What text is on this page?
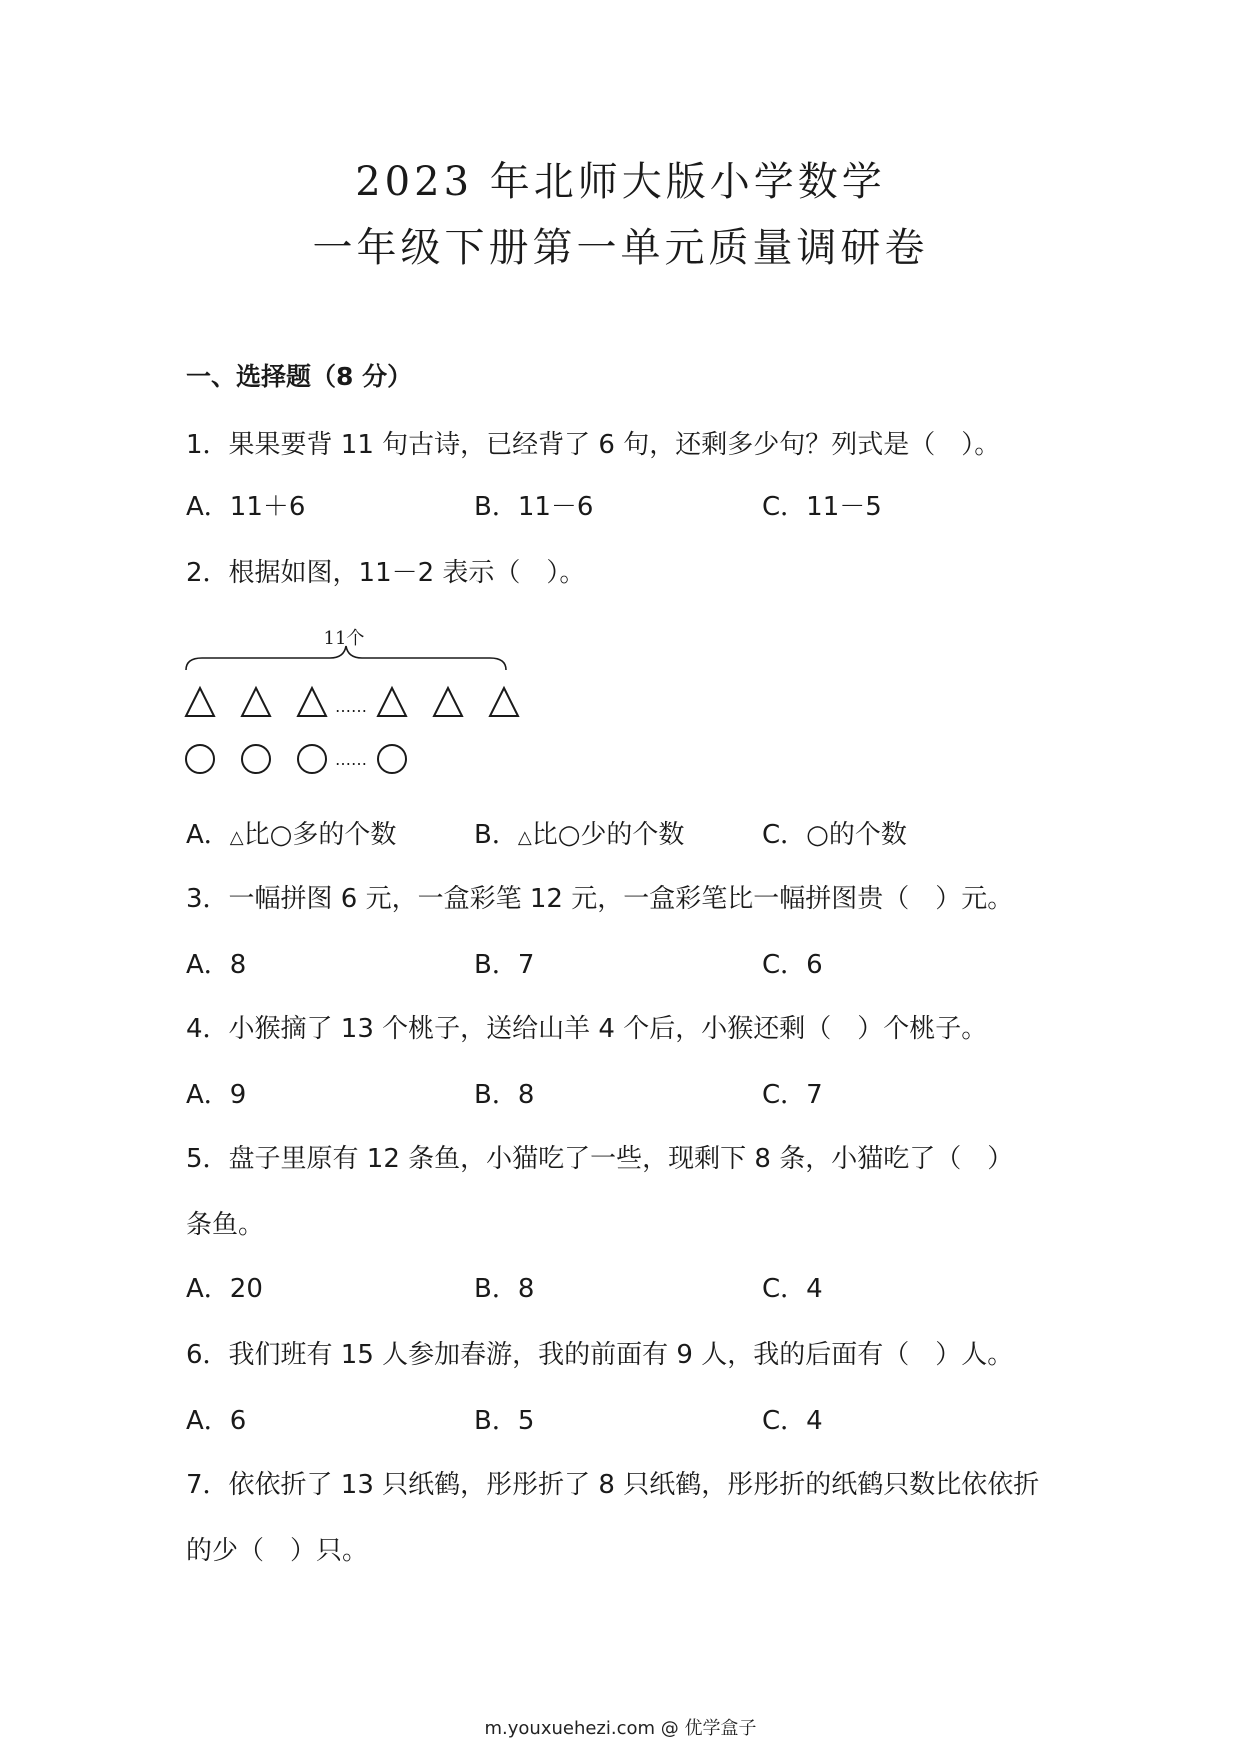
2023 年北师大版小学数学
一年级下册第一单元质量调研卷
一、选择题（8 分）
1．果果要背 11 句古诗，已经背了 6 句，还剩多少句？列式是（　）。
A．11＋6	B．11－6	C．11－5
2．根据如图，11－2 表示（　）。
11个
……
……
A．△比○多的个数	B．△比○少的个数	C．○的个数
3．一幅拼图 6 元，一盒彩笔 12 元，一盒彩笔比一幅拼图贵（　）元。
A．8	B．7	C．6
4．小猴摘了 13 个桃子，送给山羊 4 个后，小猴还剩（　）个桃子。
A．9	B．8	C．7
5．盘子里原有 12 条鱼，小猫吃了一些，现剩下 8 条，小猫吃了（　）
条鱼。
A．20	B．8	C．4
6．我们班有 15 人参加春游，我的前面有 9 人，我的后面有（　）人。
A．6	B．5	C．4
7．依依折了 13 只纸鹤，彤彤折了 8 只纸鹤，彤彤折的纸鹤只数比依依折
的少（　）只。
m.youxuehezi.com @ 优学盒子
